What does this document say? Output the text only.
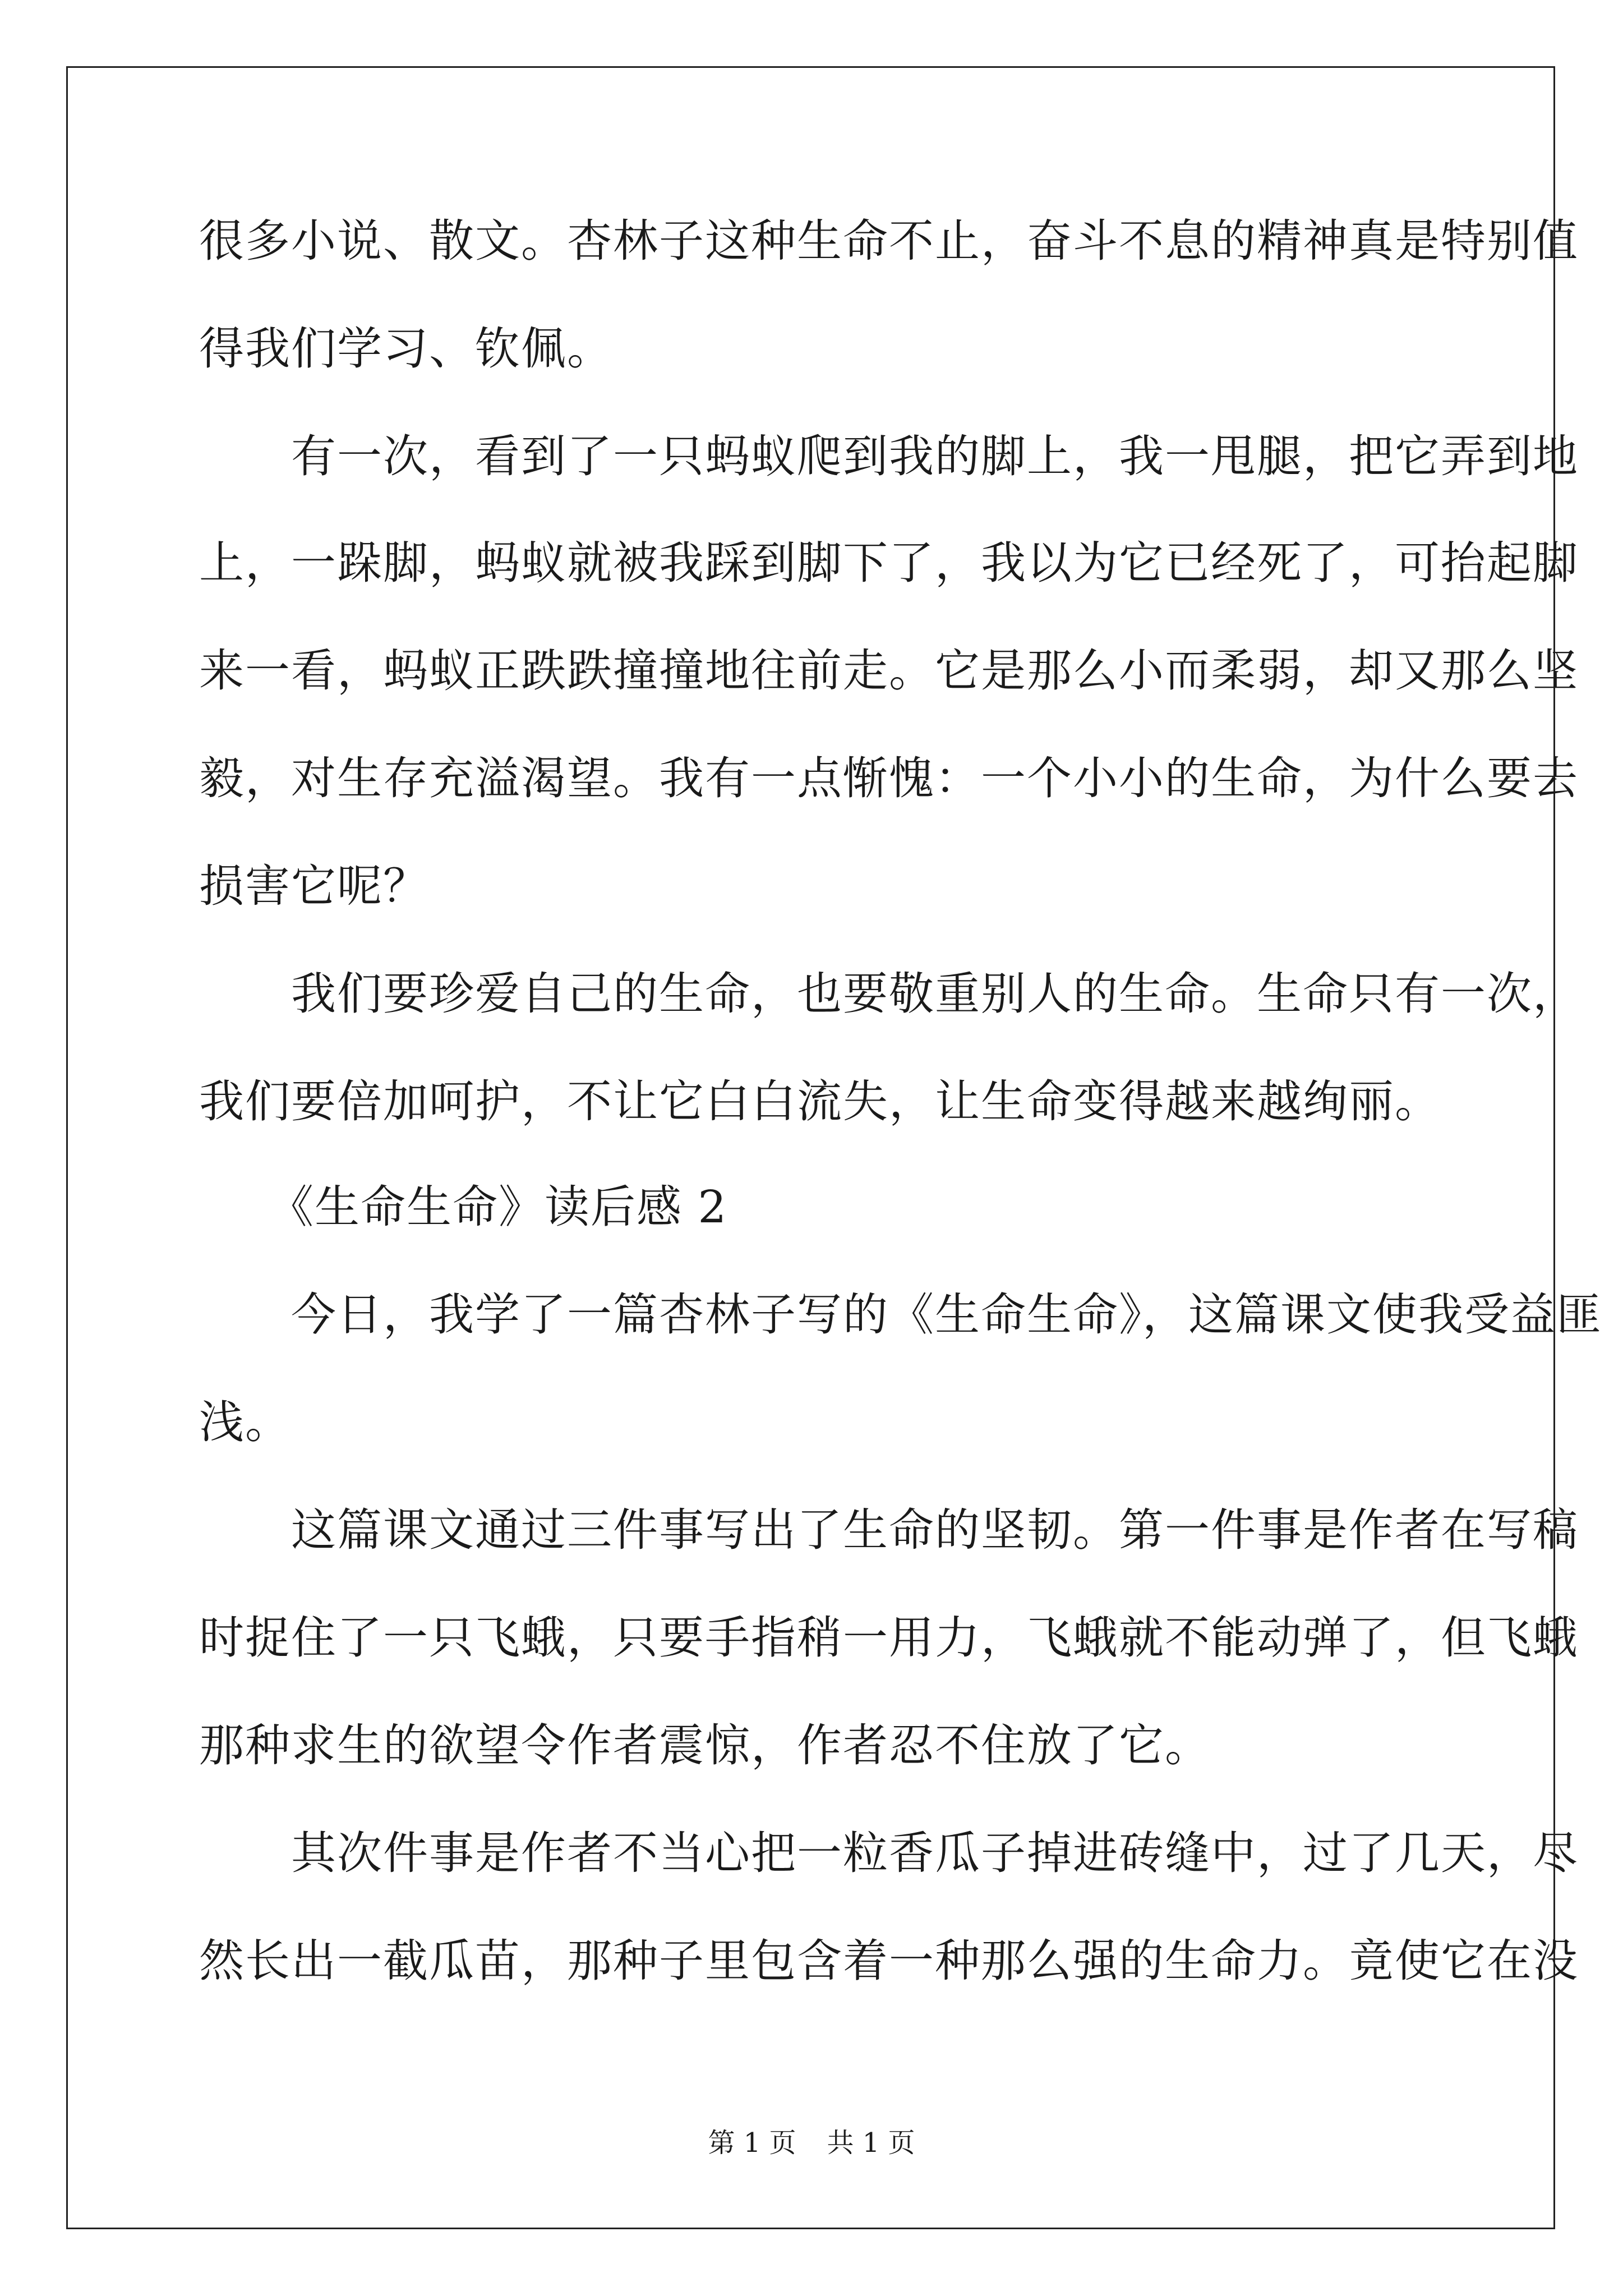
很多小说、散文。杏林子这种生命不止，奋斗不息的精神真是特别值
得我们学习、钦佩。
　　有一次，看到了一只蚂蚁爬到我的脚上，我一甩腿，把它弄到地
上，一跺脚，蚂蚁就被我踩到脚下了，我以为它已经死了，可抬起脚
来一看，蚂蚁正跌跌撞撞地往前走。它是那么小而柔弱，却又那么坚
毅，对生存充溢渴望。我有一点惭愧：一个小小的生命，为什么要去
损害它呢？
　　我们要珍爱自己的生命，也要敬重别人的生命。生命只有一次，
我们要倍加呵护，不让它白白流失，让生命变得越来越绚丽。
　　《生命生命》读后感 2
　　今日，我学了一篇杏林子写的《生命生命》，这篇课文使我受益匪
浅。
　　这篇课文通过三件事写出了生命的坚韧。第一件事是作者在写稿
时捉住了一只飞蛾，只要手指稍一用力，飞蛾就不能动弹了，但飞蛾
那种求生的欲望令作者震惊，作者忍不住放了它。
　　其次件事是作者不当心把一粒香瓜子掉进砖缝中，过了几天，尽
然长出一截瓜苗，那种子里包含着一种那么强的生命力。竟使它在没
第 1 页 共 1 页
